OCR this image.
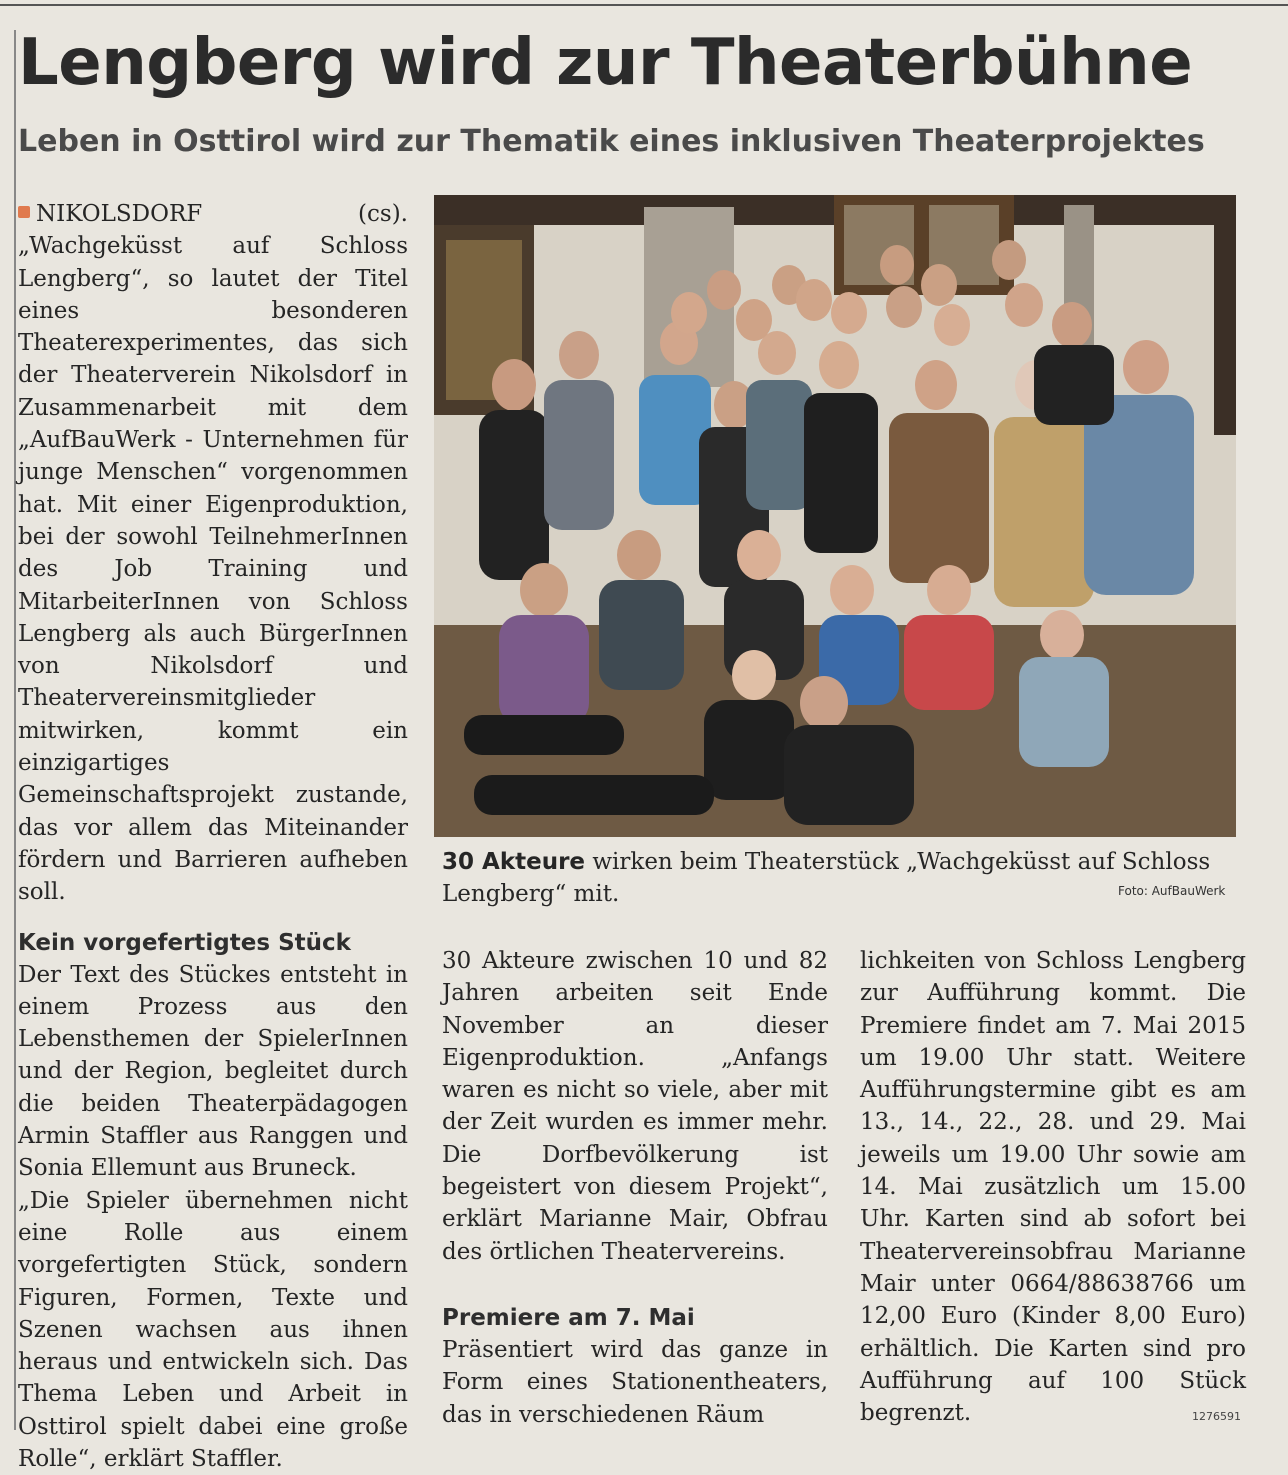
Lengberg wird zur Theaterbühne
Leben in Osttirol wird zur Thematik eines inklusiven Theaterprojektes

NIKOLSDORF (cs). „Wachgeküsst auf Schloss Lengberg“, so lautet der Titel eines besonderen Theaterexperimentes, das sich der Theaterverein Nikolsdorf in Zusammenarbeit mit dem „AufBauWerk - Unternehmen für junge Menschen“ vorgenommen hat. Mit einer Eigenproduktion, bei der sowohl TeilnehmerInnen des Job Training und MitarbeiterInnen von Schloss Lengberg als auch BürgerInnen von Nikolsdorf und Theatervereinsmitglieder mitwirken, kommt ein einzigartiges Gemeinschaftsprojekt zustande, das vor allem das Miteinander fördern und Barrieren aufheben soll.

Kein vorgefertigtes Stück

Der Text des Stückes entsteht in einem Prozess aus den Lebensthemen der SpielerInnen und der Region, begleitet durch die beiden Theaterpädagogen Armin Staffler aus Ranggen und Sonia Ellemunt aus Bruneck.

„Die Spieler übernehmen nicht eine Rolle aus einem vorgefertigten Stück, sondern Figuren, Formen, Texte und Szenen wachsen aus ihnen heraus und entwickeln sich. Das Thema Leben und Arbeit in Osttirol spielt dabei eine große Rolle“, erklärt Staffler.

30 Akteure wirken beim Theaterstück „Wachgeküsst auf Schloss Lengberg“ mit.	Foto: AufBauWerk

30 Akteure zwischen 10 und 82 Jahren arbeiten seit Ende November an dieser Eigenproduktion. „Anfangs waren es nicht so viele, aber mit der Zeit wurden es immer mehr. Die Dorfbevölkerung ist begeistert von diesem Projekt“, erklärt Marianne Mair, Obfrau des örtlichen Theatervereins.

Premiere am 7. Mai

Präsentiert wird das ganze in Form eines Stationentheaters, das in verschiedenen Räum

lichkeiten von Schloss Lengberg zur Aufführung kommt. Die Premiere findet am 7. Mai 2015 um 19.00 Uhr statt. Weitere Aufführungstermine gibt es am 13., 14., 22., 28. und 29. Mai jeweils um 19.00 Uhr sowie am 14. Mai zusätzlich um 15.00 Uhr. Karten sind ab sofort bei Theatervereinsobfrau Marianne Mair unter 0664/88638766 um 12,00 Euro (Kinder 8,00 Euro) erhältlich. Die Karten sind pro Aufführung auf 100 Stück begrenzt.	1276591
